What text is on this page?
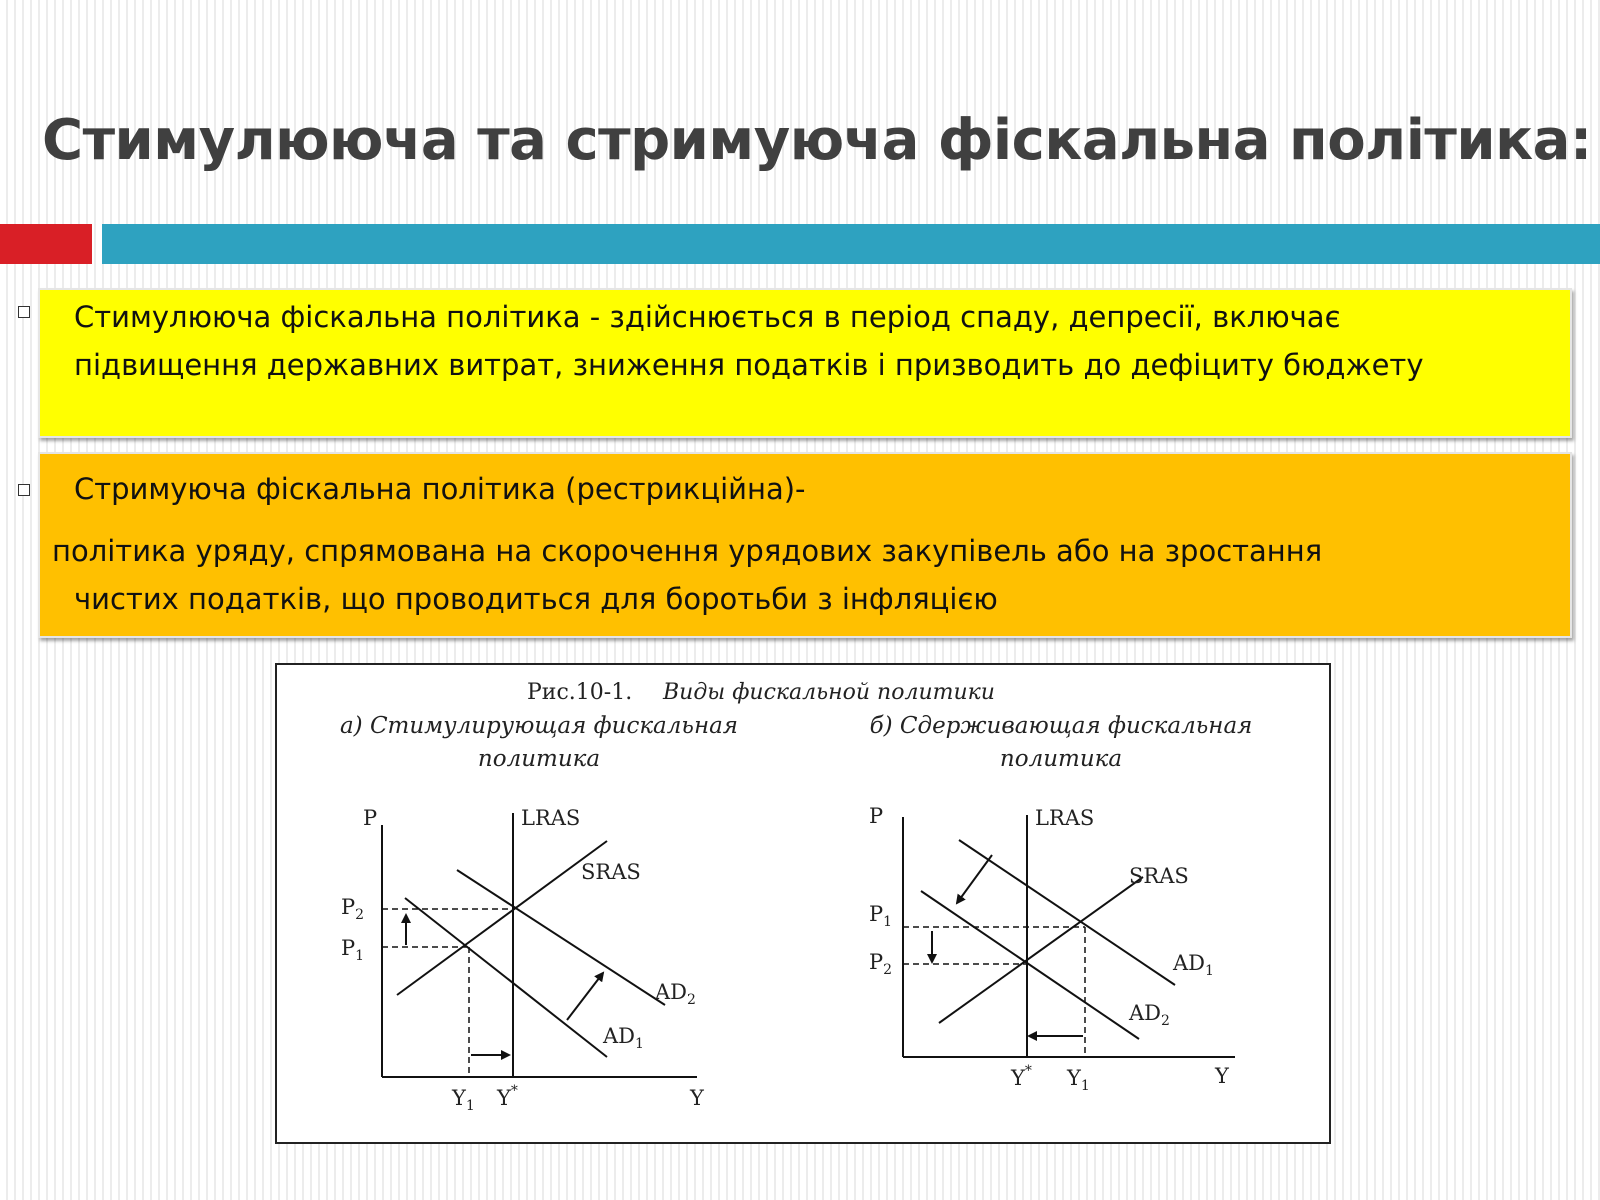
Стимулююча та стримуюча фіскальна політика:

Стимулююча фіскальна політика - здійснюється в період спаду, депресії, включає

підвищення державних витрат, зниження податків і призводить до дефіциту бюджету

Стримуюча фіскальна політика (рестрикційна)-

політика уряду, спрямована на скорочення урядових закупівель або на зростання

чистих податків, що проводиться для боротьби з інфляцією

Рис.10-1. Виды фискальной политики
а) Стимулирующая фискальная
политика
б) Сдерживающая фискальная
политика
P
Y
LRAS
SRAS
$AD_2$
$AD_1$
$P_2$
$P_1$
$Y_1$ Y*
P
Y
LRAS
SRAS
$AD_1$
$AD_2$
$P_1$
$P_2$
Y* $Y_1$
